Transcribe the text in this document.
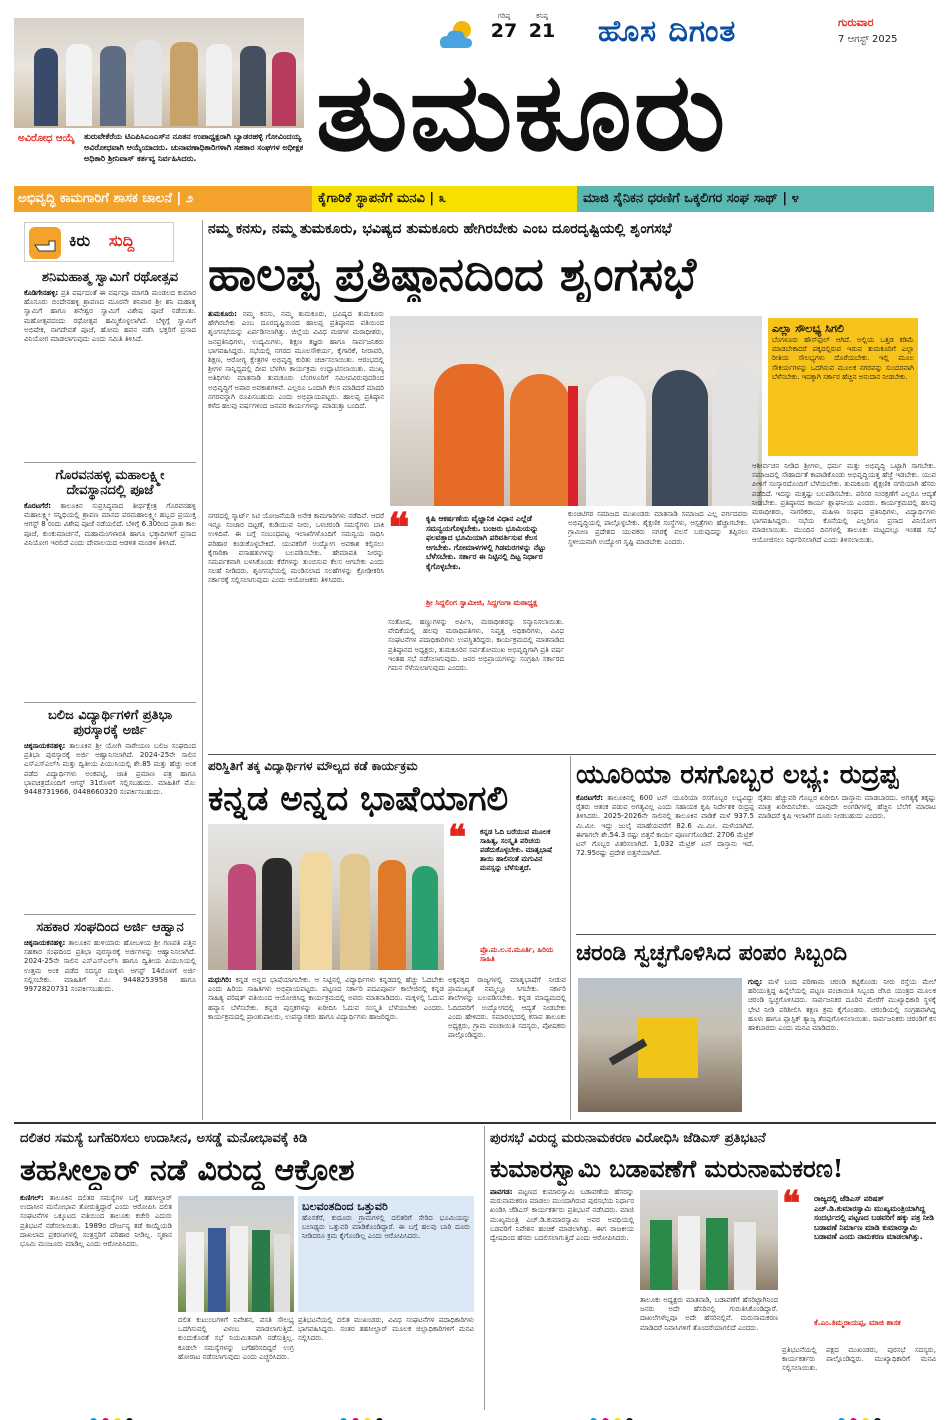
ಗರಿಷ್ಠ
27
ಕನಿಷ್ಠ
21 ಹೊಸ ದಿಗಂತ	ಗುರುವಾರ
7 ಆಗಸ್ಟ್ 2025
ತುಮಕೂರು
ಅವಿರೋಧ ಆಯ್ಕೆ	ತುರುವೇಕೆರೆಯ ಟಿಎಪಿಸಿಎಂಎಸ್‌ನ ನೂತನ ಉಪಾಧ್ಯಕ್ಷರಾಗಿ ಬ್ಯಾಡರಹಳ್ಳಿ ಗೋವಿಂದಯ್ಯ ಅವಿರೋಧವಾಗಿ ಆಯ್ಕೆಯಾದರು. ಚುನಾವಣಾಧಿಕಾರಿಗಳಾಗಿ ಸಹಕಾರ ಸಂಘಗಳ ಅಧೀಕ್ಷಕ ಅಧಿಕಾರಿ ಶ್ರೀನಿವಾಸ್ ಕರ್ತವ್ಯ ನಿರ್ವಹಿಸಿದರು.
ಅಭಿವೃದ್ಧಿ ಕಾಮಗಾರಿಗೆ ಶಾಸಕ ಚಾಲನೆ | ೨	ಕೈಗಾರಿಕೆ ಸ್ಥಾಪನೆಗೆ ಮನವಿ | ೩	ಮಾಜಿ ಸೈನಿಕನ ಧರಣಿಗೆ ಒಕ್ಕಲಿಗರ ಸಂಘ ಸಾಥ್ | ೪
ಕಿರು ಸುದ್ದಿ
ಶನಿಮಹಾತ್ಮ ಸ್ವಾಮಿಗೆ ರಥೋತ್ಸವ
ಕೊಡಿಗೇನಹಳ್ಳಿ: ಪ್ರತಿ ವರ್ಷದಂತೆ ಈ ವರ್ಷವೂ ಮಾಗಡಿ ಮಂಡಲದ ಕುಮಾರ ಹೊಸೂರು ಬಿಂದೇನಹಳ್ಳಿ ಶ್ರಾವಣದ ಮೂರನೇ ಶನಿವಾರ ಶ್ರೀ ಶನಿ ಮಹಾತ್ಮ ಸ್ವಾಮಿಗೆ ಹಾಗೂ ಶನೇಶ್ವರ ಸ್ವಾಮಿಗೆ ವಿಶೇಷ ಪೂಜೆ ನಡೆಯಿತು. ಮಹೋತ್ಸವದಂದು ರಥೋತ್ಸವ ಹಮ್ಮಿಕೊಳ್ಳಲಾಗಿದೆ. ಬೆಳ್ಳಿಗ್ಗೆ ಸ್ವಾಮಿಗೆ ಅಭಿಷೇಕ, ನಾಗದೇವತೆ ಪೂಜೆ, ಹೋಮ ಹವನ ನಡೆಸಿ ಭಕ್ತರಿಗೆ ಪ್ರಸಾದ ವಿನಿಯೋಗ ಮಾಡಲಾಗುವುದು ಎಂದು ಸಮಿತಿ ತಿಳಿಸಿದೆ.
ಗೊರವನಹಳ್ಳಿ ಮಹಾಲಕ್ಷ್ಮೀ ದೇವಸ್ಥಾನದಲ್ಲಿ ಪೂಜೆ
ಕೊರಟಗೆರೆ: ತಾಲೂಕಿನ ಸುಪ್ರಸಿದ್ಧವಾದ ತೀರ್ಥಕ್ಷೇತ್ರ ಗೊರವನಹಳ್ಳಿ ಮಹಾಲಕ್ಷ್ಮೀ ಸನ್ನಿಧಿಯಲ್ಲಿ ಶ್ರಾವಣ ಮಾಸದ ವರಮಹಾಲಕ್ಷ್ಮೀ ಹಬ್ಬದ ಪ್ರಯುಕ್ತ ಆಗಸ್ಟ್ 8 ರಂದು ವಿಶೇಷ ಪೂಜೆ ನಡೆಯಲಿದೆ. ಬೆಳಿಗ್ಗೆ 6.30ರಿಂದ ಪ್ರಾತಃ ಕಾಲ ಪೂಜೆ, ಕುಂಕುಮಾರ್ಚನೆ, ಮಹಾಮಂಗಳಾರತಿ ಹಾಗೂ ಭಕ್ತಾದಿಗಳಿಗೆ ಪ್ರಸಾದ ವಿನಿಯೋಗ ಇರಲಿದೆ ಎಂದು ದೇವಾಲಯದ ಆಡಳಿತ ಮಂಡಳಿ ತಿಳಿಸಿದೆ.
ಬಲಿಜ ವಿದ್ಯಾರ್ಥಿಗಳಿಗೆ ಪ್ರತಿಭಾ ಪುರಸ್ಕಾರಕ್ಕೆ ಅರ್ಜಿ
ಚಿಕ್ಕನಾಯಕನಹಳ್ಳಿ: ತಾಲೂಕಿನ ಶ್ರೀ ಯೋಗಿ ನಾರೇಯಣ ಬಲಿಜ ಸಂಘದಿಂದ ಪ್ರತಿಭಾ ಪುರಸ್ಕಾರಕ್ಕೆ ಅರ್ಜಿ ಆಹ್ವಾನಿಸಲಾಗಿದೆ. 2024-25ನೇ ಸಾಲಿನ ಎಸ್‌ಎಸ್‌ಎಲ್‌ಸಿ ಮತ್ತು ದ್ವಿತೀಯ ಪಿಯುಸಿಯಲ್ಲಿ ಶೇ.85 ಮತ್ತು ಹೆಚ್ಚು ಅಂಕ ಪಡೆದ ವಿದ್ಯಾರ್ಥಿಗಳು ಅಂಕಪಟ್ಟಿ, ಜಾತಿ ಪ್ರಮಾಣ ಪತ್ರ ಹಾಗೂ ಭಾವಚಿತ್ರದೊಂದಿಗೆ ಆಗಸ್ಟ್ 31ರೊಳಗೆ ಸಲ್ಲಿಸಬಹುದು. ಮಾಹಿತಿಗೆ ಮೊ: 9448731966, 0448660320 ಸಂಪರ್ಕಿಸಬಹುದು.
ಸಹಕಾರ ಸಂಘದಿಂದ ಅರ್ಜಿ ಆಹ್ವಾನ
ಚಿಕ್ಕನಾಯಕನಹಳ್ಳಿ: ತಾಲೂಕಿನ ಹುಳಿಯಾರು ಹೋಬಳಿಯ ಶ್ರೀ ಗಣಪತಿ ಪತ್ತಿನ ಸಹಕಾರ ಸಂಘದಿಂದ ಪ್ರತಿಭಾ ಪುರಸ್ಕಾರಕ್ಕೆ ಅರ್ಜಿಗಳನ್ನು ಆಹ್ವಾನಿಸಲಾಗಿದೆ. 2024-25ನೇ ಸಾಲಿನ ಎಸ್‌ಎಸ್‌ಎಲ್‌ಸಿ ಹಾಗೂ ದ್ವಿತೀಯ ಪಿಯುಸಿಯಲ್ಲಿ ಉತ್ತಮ ಅಂಕ ಪಡೆದ ಸದಸ್ಯರ ಮಕ್ಕಳು ಆಗಸ್ಟ್ 14ರೊಳಗೆ ಅರ್ಜಿ ಸಲ್ಲಿಸಬೇಕು. ಮಾಹಿತಿಗೆ ಮೊ: 9448253958 ಹಾಗೂ 9972820731 ಸಂಪರ್ಕಿಸಬಹುದು.
ನಮ್ಮ ಕನಸು, ನಮ್ಮ ತುಮಕೂರು, ಭವಿಷ್ಯದ ತುಮಕೂರು ಹೇಗಿರಬೇಕು ಎಂಬ ದೂರದೃಷ್ಟಿಯಲ್ಲಿ ಶೃಂಗಸಭೆ
ಹಾಲಪ್ಪ ಪ್ರತಿಷ್ಠಾನದಿಂದ ಶೃಂಗಸಭೆ
ತುಮಕೂರು: ನಮ್ಮ ಕನಸು, ನಮ್ಮ ತುಮಕೂರು, ಭವಿಷ್ಯದ ತುಮಕೂರು ಹೇಗಿರಬೇಕು ಎಂಬ ದೂರದೃಷ್ಟಿಯಿಂದ ಹಾಲಪ್ಪ ಪ್ರತಿಷ್ಠಾನದ ವತಿಯಿಂದ ಶೃಂಗಸಭೆಯನ್ನು ಏರ್ಪಡಿಸಲಾಗಿತ್ತು. ಜಿಲ್ಲೆಯ ವಿವಿಧ ಮಠಗಳ ಮಠಾಧೀಶರು, ಜನಪ್ರತಿನಿಧಿಗಳು, ಉದ್ಯಮಿಗಳು, ಶಿಕ್ಷಣ ತಜ್ಞರು ಹಾಗೂ ಸಾರ್ವಜನಿಕರು ಭಾಗವಹಿಸಿದ್ದರು. ಸಭೆಯಲ್ಲಿ ನಗರದ ಮೂಲಸೌಕರ್ಯ, ಕೈಗಾರಿಕೆ, ನೀರಾವರಿ, ಶಿಕ್ಷಣ, ಆರೋಗ್ಯ ಕ್ಷೇತ್ರಗಳ ಅಭಿವೃದ್ಧಿ ಕುರಿತು ಚರ್ಚಿಸಲಾಯಿತು. ಆರಂಭದಲ್ಲಿ ಶ್ರೀಗಳ ಸಾನ್ನಿಧ್ಯದಲ್ಲಿ ದೀಪ ಬೆಳಗಿಸಿ ಕಾರ್ಯಕ್ರಮ ಉದ್ಘಾಟಿಸಲಾಯಿತು. ಮುಖ್ಯ ಅತಿಥಿಗಳು ಮಾತನಾಡಿ ತುಮಕೂರು ಬೆಂಗಳೂರಿಗೆ ಸಮೀಪವಿರುವುದರಿಂದ ಅಭಿವೃದ್ಧಿಗೆ ಅಪಾರ ಅವಕಾಶಗಳಿವೆ. ಎಲ್ಲರೂ ಒಂದಾಗಿ ಕೆಲಸ ಮಾಡಿದರೆ ಮಾದರಿ ನಗರವನ್ನಾಗಿ ರೂಪಿಸಬಹುದು ಎಂದು ಅಭಿಪ್ರಾಯಪಟ್ಟರು. ಹಾಲಪ್ಪ ಪ್ರತಿಷ್ಠಾನ ಕಳೆದ ಹಲವು ವರ್ಷಗಳಿಂದ ಜನಪರ ಕಾರ್ಯಗಳನ್ನು ಮಾಡುತ್ತಾ ಬಂದಿದೆ.
ನಗರದಲ್ಲಿ ಸ್ಮಾರ್ಟ್ ಸಿಟಿ ಯೋಜನೆಯಡಿ ಅನೇಕ ಕಾಮಗಾರಿಗಳು ನಡೆದಿವೆ. ಆದರೆ ಇನ್ನೂ ಸಂಚಾರ ದಟ್ಟಣೆ, ಕುಡಿಯುವ ನೀರು, ಒಳಚರಂಡಿ ಸಮಸ್ಯೆಗಳು ಬಾಕಿ ಉಳಿದಿವೆ. ಈ ಬಗ್ಗೆ ಸಂಬಂಧಪಟ್ಟ ಇಲಾಖೆಗಳೊಂದಿಗೆ ಸಮನ್ವಯ ಸಾಧಿಸಿ ಪರಿಹಾರ ಕಂಡುಕೊಳ್ಳಬೇಕಿದೆ. ಯುವಕರಿಗೆ ಉದ್ಯೋಗ ಅವಕಾಶ ಕಲ್ಪಿಸಲು ಕೈಗಾರಿಕಾ ವಸಾಹತುಗಳನ್ನು ಬಲಪಡಿಸಬೇಕು. ಹೇಮಾವತಿ ನೀರನ್ನು ಸಮರ್ಪಕವಾಗಿ ಬಳಸಿಕೊಂಡು ಕೆರೆಗಳನ್ನು ತುಂಬಿಸುವ ಕೆಲಸ ಆಗಬೇಕು ಎಂದು ಸಲಹೆ ನೀಡಿದರು. ಶೃಂಗಸಭೆಯಲ್ಲಿ ಮಂಡಿಸಲಾದ ಸಲಹೆಗಳನ್ನು ಕ್ರೋಢೀಕರಿಸಿ ಸರ್ಕಾರಕ್ಕೆ ಸಲ್ಲಿಸಲಾಗುವುದು ಎಂದು ಆಯೋಜಕರು ತಿಳಿಸಿದರು.
ಎಲ್ಲಾ ಸೌಲಭ್ಯ ಸಿಗಲಿ
ಬೆಂಗಳೂರು ಹೌಸ್‌ಫುಲ್ ಆಗಿದೆ. ಅಲ್ಲಿಯ ಒತ್ತಡ ಕಡಿಮೆ ಮಾಡಬೇಕಾದರೆ ಪಕ್ಕದಲ್ಲಿರುವ ಇರುವ ತುಮಕೂರಿಗೆ ಎಲ್ಲಾ ರೀತಿಯ ಸೌಲಭ್ಯಗಳು ದೊರೆಯಬೇಕು. ಇಲ್ಲಿ ಮೂಲ ಸೌಕರ್ಯಗಳನ್ನು ಒದಗಿಸುವ ಮೂಲಕ ನಗರವನ್ನು ಸುಂದರವಾಗಿ ಬೆಳೆಸಬೇಕು. ಇದಕ್ಕಾಗಿ ಸರ್ಕಾರ ಹೆಚ್ಚಿನ ಅನುದಾನ ನೀಡಬೇಕು.
ಆಶೀರ್ವಚನ ನೀಡಿದ ಶ್ರೀಗಳು, ಧರ್ಮ ಮತ್ತು ಅಭಿವೃದ್ಧಿ ಒಟ್ಟಾಗಿ ಸಾಗಬೇಕು. ಸಮಾಜದಲ್ಲಿ ಸೌಹಾರ್ದತೆ ಕಾಪಾಡಿಕೊಂಡು ಅಭಿವೃದ್ಧಿಯತ್ತ ಹೆಜ್ಜೆ ಇಡಬೇಕು. ಯುವ ಪೀಳಿಗೆ ಸಂಸ್ಕಾರದೊಂದಿಗೆ ಬೆಳೆಯಬೇಕು. ತುಮಕೂರು ಶೈಕ್ಷಣಿಕ ನಗರಿಯಾಗಿ ಹೆಸರು ಪಡೆದಿದೆ. ಇದನ್ನು ಮತ್ತಷ್ಟು ಬಲಪಡಿಸಬೇಕು. ಪರಿಸರ ಸಂರಕ್ಷಣೆಗೆ ಎಲ್ಲರೂ ಆದ್ಯತೆ ನೀಡಬೇಕು. ಪ್ರತಿಷ್ಠಾನದ ಕಾರ್ಯ ಶ್ಲಾಘನೀಯ ಎಂದರು. ಕಾರ್ಯಕ್ರಮದಲ್ಲಿ ಹಲವು ಮಠಾಧೀಶರು, ನಾಗರಿಕರು, ಮಹಿಳಾ ಸಂಘದ ಪ್ರತಿನಿಧಿಗಳು, ವಿದ್ಯಾರ್ಥಿಗಳು ಭಾಗವಹಿಸಿದ್ದರು. ಸಭೆಯ ಕೊನೆಯಲ್ಲಿ ಎಲ್ಲರಿಗೂ ಪ್ರಸಾದ ವಿನಿಯೋಗ ಮಾಡಲಾಯಿತು. ಮುಂದಿನ ದಿನಗಳಲ್ಲಿ ತಾಲೂಕು ಮಟ್ಟದಲ್ಲೂ ಇಂತಹ ಸಭೆ ಆಯೋಜಿಸಲು ನಿರ್ಧರಿಸಲಾಗಿದೆ ಎಂದು ತಿಳಿಸಲಾಯಿತು.
❝ ಕೃಷಿ ಆಕರ್ಷಣೆಯ ವೈಜ್ಞಾನಿಕ ವಿಧಾನ ಎಲ್ಲೆಡೆ ಸಮನ್ವಯಗೊಳ್ಳಬೇಕು. ಬಂಜರು ಭೂಮಿಯನ್ನು ಫಲವತ್ತಾದ ಭೂಮಿಯಾಗಿ ಪರಿವರ್ತಿಸುವ ಕೆಲಸ ಆಗಬೇಕು. ಗೋಮಾಳಗಳಲ್ಲಿ ಗಿಡಮರಗಳನ್ನು ನೆಟ್ಟು ಬೆಳೆಸಬೇಕು. ಸರ್ಕಾರ ಈ ನಿಟ್ಟಿನಲ್ಲಿ ದಿಟ್ಟ ನಿರ್ಧಾರ ಕೈಗೊಳ್ಳಬೇಕು.
ಶ್ರೀ ಸಿದ್ದಲಿಂಗ ಸ್ವಾಮೀಜಿ, ಸಿದ್ದಗಂಗಾ ಮಠಾಧ್ಯಕ್ಷ
ಸಂತೋಷ, ಹಣ್ಣುಗಳನ್ನು ಅರ್ಪಿಸಿ, ಮಠಾಧೀಶರನ್ನು ಸನ್ಮಾನಿಸಲಾಯಿತು. ವೇದಿಕೆಯಲ್ಲಿ ಹಲವು ಮಠಾಧಿಪತಿಗಳು, ನಿವೃತ್ತ ಅಧಿಕಾರಿಗಳು, ವಿವಿಧ ಸಂಘಟನೆಗಳ ಪದಾಧಿಕಾರಿಗಳು ಉಪಸ್ಥಿತರಿದ್ದರು. ಕಾರ್ಯಕ್ರಮದಲ್ಲಿ ಮಾತನಾಡಿದ ಪ್ರತಿಷ್ಠಾನದ ಅಧ್ಯಕ್ಷರು, ತುಮಕೂರಿನ ಸರ್ವತೋಮುಖ ಅಭಿವೃದ್ಧಿಗಾಗಿ ಪ್ರತಿ ವರ್ಷ ಇಂತಹ ಸಭೆ ನಡೆಸಲಾಗುವುದು. ಜನರ ಅಭಿಪ್ರಾಯಗಳನ್ನು ಸಂಗ್ರಹಿಸಿ ಸರ್ಕಾರದ ಗಮನ ಸೆಳೆಯಲಾಗುವುದು ಎಂದರು.
ಕುಂಚಿಟಿಗರ ಸಮಾಜದ ಮುಖಂಡರು ಮಾತನಾಡಿ ಸಮಾಜದ ಎಲ್ಲ ವರ್ಗದವರು ಅಭಿವೃದ್ಧಿಯಲ್ಲಿ ಪಾಲ್ಗೊಳ್ಳಬೇಕು. ಶೈಕ್ಷಣಿಕ ಸಂಸ್ಥೆಗಳು, ಆಸ್ಪತ್ರೆಗಳು ಹೆಚ್ಚಾಗಬೇಕು. ಗ್ರಾಮೀಣ ಪ್ರದೇಶದ ಯುವಕರು ನಗರಕ್ಕೆ ವಲಸೆ ಬರುವುದನ್ನು ತಪ್ಪಿಸಲು ಸ್ಥಳೀಯವಾಗಿ ಉದ್ಯೋಗ ಸೃಷ್ಟಿ ಮಾಡಬೇಕು ಎಂದರು.
ಪರಿಸ್ಥಿತಿಗೆ ತಕ್ಕ ವಿದ್ಯಾರ್ಥಿಗಳ ಮೌಲ್ಯದ ಕಡೆ ಕಾರ್ಯಕ್ರಮ
ಕನ್ನಡ ಅನ್ನದ ಭಾಷೆಯಾಗಲಿ
❝ ಕನ್ನಡ ಓದಿ ಬರೆಯುವ ಮೂಲಕ ಸಾಹಿತ್ಯ, ಸಂಸ್ಕೃತಿ ಪರಿಚಯ ಪಡೆದುಕೊಳ್ಳಬೇಕು. ಮಾತೃಭಾಷೆ ತಾಯಿ ಹಾಲಿನಂತೆ ಮಗುವಿನ ಮನಸ್ಸನ್ನು ಬೆಳೆಸುತ್ತದೆ.
ಪ್ರೊ.ಮ.ಲ.ನ.ಮೂರ್ತಿ, ಹಿರಿಯ ಸಾಹಿತಿ
ಮಧುಗಿರಿ: ಕನ್ನಡ ಅನ್ನದ ಭಾಷೆಯಾಗಬೇಕು. ಆ ನಿಟ್ಟಿನಲ್ಲಿ ವಿದ್ಯಾರ್ಥಿಗಳು ಕನ್ನಡದಲ್ಲಿ ಹೆಚ್ಚು ಓದಬೇಕು ಎಂದು ಹಿರಿಯ ಸಾಹಿತಿಗಳು ಅಭಿಪ್ರಾಯಪಟ್ಟರು. ಪಟ್ಟಣದ ಸರ್ಕಾರಿ ಪದವಿಪೂರ್ವ ಕಾಲೇಜಿನಲ್ಲಿ ಕನ್ನಡ ಸಾಹಿತ್ಯ ಪರಿಷತ್ ವತಿಯಿಂದ ಆಯೋಜಿಸಿದ್ದ ಕಾರ್ಯಕ್ರಮದಲ್ಲಿ ಅವರು ಮಾತನಾಡಿದರು. ಮಕ್ಕಳಲ್ಲಿ ಓದುವ ಹವ್ಯಾಸ ಬೆಳೆಸಬೇಕು. ಕನ್ನಡ ಪುಸ್ತಕಗಳನ್ನು ಖರೀದಿಸಿ ಓದುವ ಸಂಸ್ಕೃತಿ ಬೆಳೆಯಬೇಕು ಎಂದರು. ಕಾರ್ಯಕ್ರಮದಲ್ಲಿ ಪ್ರಾಂಶುಪಾಲರು, ಉಪನ್ಯಾಸಕರು ಹಾಗೂ ವಿದ್ಯಾರ್ಥಿಗಳು ಹಾಜರಿದ್ದರು.
ಅಕ್ಕಪಕ್ಕದ ರಾಜ್ಯಗಳಲ್ಲಿ ಮಾತೃಭಾಷೆಗೆ ನೀಡುವ ಪ್ರಾಮುಖ್ಯತೆ ನಮ್ಮಲ್ಲೂ ಸಿಗಬೇಕು. ಸರ್ಕಾರಿ ಶಾಲೆಗಳನ್ನು ಬಲಪಡಿಸಬೇಕು. ಕನ್ನಡ ಮಾಧ್ಯಮದಲ್ಲಿ ಓದಿದವರಿಗೆ ಉದ್ಯೋಗದಲ್ಲಿ ಆದ್ಯತೆ ನೀಡಬೇಕು ಎಂದು ಹೇಳಿದರು. ಸಮಾರಂಭದಲ್ಲಿ ಕಸಾಪ ತಾಲೂಕು ಅಧ್ಯಕ್ಷರು, ಗ್ರಾಮ ಪಂಚಾಯಿತಿ ಸದಸ್ಯರು, ಪೋಷಕರು ಪಾಲ್ಗೊಂಡಿದ್ದರು.
ಯೂರಿಯಾ ರಸಗೊಬ್ಬರ ಲಭ್ಯ: ರುದ್ರಪ್ಪ
ಕೊರಟಗೆರೆ: ತಾಲೂಕಿನಲ್ಲಿ 600 ಟನ್ ಯೂರಿಯಾ ರಸಗೊಬ್ಬರ ಲಭ್ಯವಿದ್ದು ರೈತರು ಆತಂಕ ಪಡುವ ಅಗತ್ಯವಿಲ್ಲ ಎಂದು ಸಹಾಯಕ ಕೃಷಿ ನಿರ್ದೇಶಕ ರುದ್ರಪ್ಪ ತಿಳಿಸಿದರು. 2025-2026ನೇ ಸಾಲಿನಲ್ಲಿ ತಾಲೂಕಿನ ವಾಡಿಕೆ ಮಳೆ 937.5 ಮಿ.ಮೀ. ಇದ್ದು ಜುಲೈ ಮಾಹೆಯವರೆಗೆ 82.6 ಮಿ.ಮೀ. ಮಳೆಯಾಗಿದೆ. ಈಗಾಗಲೇ ಶೇ.54.3 ರಷ್ಟು ಬಿತ್ತನೆ ಕಾರ್ಯ ಪೂರ್ಣಗೊಂಡಿದೆ. 2706 ಮೆಟ್ರಿಕ್ ಟನ್ ಗೊಬ್ಬರ ವಿತರಿಸಲಾಗಿದೆ. 1,032 ಮೆಟ್ರಿಕ್ ಟನ್ ದಾಸ್ತಾನು ಇದೆ. 72.95ರಷ್ಟು ಪ್ರದೇಶ ಬಿತ್ತನೆಯಾಗಿದೆ.
ರೈತರು ಹೆಚ್ಚುವರಿ ಗೊಬ್ಬರ ಖರೀದಿಸಿ ದಾಸ್ತಾನು ಮಾಡಬಾರದು. ಅಗತ್ಯಕ್ಕೆ ತಕ್ಕಷ್ಟು ಮಾತ್ರ ಖರೀದಿಸಬೇಕು. ಯಾವುದೇ ಅಂಗಡಿಗಳಲ್ಲಿ ಹೆಚ್ಚಿನ ಬೆಲೆಗೆ ಮಾರಾಟ ಮಾಡಿದರೆ ಕೃಷಿ ಇಲಾಖೆಗೆ ದೂರು ನೀಡಬಹುದು ಎಂದರು.
ಚರಂಡಿ ಸ್ವಚ್ಛಗೊಳಿಸಿದ ಪಂಪಂ ಸಿಬ್ಬಂದಿ
ಗುಬ್ಬಿ: ಮಳೆ ಬಂದ ಪರಿಣಾಮ ಚರಂಡಿ ಕಟ್ಟಿಕೊಂಡು ನೀರು ರಸ್ತೆಯ ಮೇಲೆ ಹರಿಯುತ್ತಿದ್ದ ಹಿನ್ನೆಲೆಯಲ್ಲಿ ಪಟ್ಟಣ ಪಂಚಾಯಿತಿ ಸಿಬ್ಬಂದಿ ಜೆಸಿಬಿ ಯಂತ್ರದ ಮೂಲಕ ಚರಂಡಿ ಸ್ವಚ್ಛಗೊಳಿಸಿದರು. ಸಾರ್ವಜನಿಕರ ದೂರಿನ ಮೇರೆಗೆ ಮುಖ್ಯಾಧಿಕಾರಿ ಸ್ಥಳಕ್ಕೆ ಭೇಟಿ ನೀಡಿ ಪರಿಶೀಲಿಸಿ ತಕ್ಷಣ ಕ್ರಮ ಕೈಗೊಂಡರು. ಚರಂಡಿಯಲ್ಲಿ ಸಂಗ್ರಹವಾಗಿದ್ದ ಹೂಳು ಹಾಗೂ ಪ್ಲಾಸ್ಟಿಕ್ ತ್ಯಾಜ್ಯ ತೆರವುಗೊಳಿಸಲಾಯಿತು. ಸಾರ್ವಜನಿಕರು ಚರಂಡಿಗೆ ಕಸ ಹಾಕಬಾರದು ಎಂದು ಮನವಿ ಮಾಡಿದರು.
ದಲಿತರ ಸಮಸ್ಯೆ ಬಗೆಹರಿಸಲು ಉದಾಸೀನ, ಅಸಡ್ಡೆ ಮನೋಭಾವಕ್ಕೆ ಕಿಡಿ
ತಹಸೀಲ್ದಾರ್ ನಡೆ ವಿರುದ್ಧ ಆಕ್ರೋಶ
ಕುಣಿಗಲ್: ತಾಲೂಕಿನ ದಲಿತರ ಸಮಸ್ಯೆಗಳ ಬಗ್ಗೆ ತಹಸೀಲ್ದಾರ್ ಉದಾಸೀನ ಮನೋಭಾವ ತೋರುತ್ತಿದ್ದಾರೆ ಎಂದು ಆರೋಪಿಸಿ ದಲಿತ ಸಂಘಟನೆಗಳ ಒಕ್ಕೂಟದ ವತಿಯಿಂದ ತಾಲೂಕು ಕಚೇರಿ ಎದುರು ಪ್ರತಿಭಟನೆ ನಡೆಸಲಾಯಿತು. 1989ರ ದೌರ್ಜನ್ಯ ತಡೆ ಕಾಯ್ದೆಯಡಿ ದಾಖಲಾದ ಪ್ರಕರಣಗಳಲ್ಲಿ ಸಂತ್ರಸ್ತರಿಗೆ ಪರಿಹಾರ ನೀಡಿಲ್ಲ. ಸ್ಮಶಾನ ಭೂಮಿ ಮಂಜೂರು ಮಾಡಿಲ್ಲ ಎಂದು ಆರೋಪಿಸಿದರು.
ಬಲವಂತದಿಂದ ಒತ್ತುವರಿ
ಹೊಸಕೆರೆ, ಕುದೂರು ಗ್ರಾಮಗಳಲ್ಲಿ ದಲಿತರಿಗೆ ಸೇರಿದ ಭೂಮಿಯನ್ನು ಬಲಾಢ್ಯರು ಒತ್ತುವರಿ ಮಾಡಿಕೊಂಡಿದ್ದಾರೆ. ಈ ಬಗ್ಗೆ ಹಲವು ಬಾರಿ ದೂರು ನೀಡಿದರೂ ಕ್ರಮ ಕೈಗೊಂಡಿಲ್ಲ ಎಂದು ಆರೋಪಿಸಿದರು.
ದಲಿತ ಕುಟುಂಬಗಳಿಗೆ ನಿವೇಶನ, ವಸತಿ ಸೌಲಭ್ಯ ಒದಗಿಸುವಲ್ಲಿ ವಿಳಂಬ ಮಾಡಲಾಗುತ್ತಿದೆ. ಕುಂದುಕೊರತೆ ಸಭೆ ನಿಯಮಿತವಾಗಿ ನಡೆಸುತ್ತಿಲ್ಲ. ಕೂಡಲೇ ಸಮಸ್ಯೆಗಳನ್ನು ಬಗೆಹರಿಸದಿದ್ದರೆ ಉಗ್ರ ಹೋರಾಟ ನಡೆಸಲಾಗುವುದು ಎಂದು ಎಚ್ಚರಿಸಿದರು.
ಪ್ರತಿಭಟನೆಯಲ್ಲಿ ದಲಿತ ಮುಖಂಡರು, ವಿವಿಧ ಸಂಘಟನೆಗಳ ಪದಾಧಿಕಾರಿಗಳು ಭಾಗವಹಿಸಿದ್ದರು. ನಂತರ ತಹಸೀಲ್ದಾರ್ ಮೂಲಕ ಜಿಲ್ಲಾಧಿಕಾರಿಗಳಿಗೆ ಮನವಿ ಸಲ್ಲಿಸಿದರು.
ಪುರಸಭೆ ವಿರುದ್ಧ ಮರುನಾಮಕರಣ ವಿರೋಧಿಸಿ ಜೆಡಿಎಸ್ ಪ್ರತಿಭಟನೆ
ಕುಮಾರಸ್ವಾಮಿ ಬಡಾವಣೆಗೆ ಮರುನಾಮಕರಣ!
ಪಾವಗಡ: ಪಟ್ಟಣದ ಕುಮಾರಸ್ವಾಮಿ ಬಡಾವಣೆಯ ಹೆಸರನ್ನು ಮರುನಾಮಕರಣ ಮಾಡಲು ಮುಂದಾಗಿರುವ ಪುರಸಭೆಯ ನಿರ್ಧಾರ ಖಂಡಿಸಿ ಜೆಡಿಎಸ್ ಕಾರ್ಯಕರ್ತರು ಪ್ರತಿಭಟನೆ ನಡೆಸಿದರು. ಮಾಜಿ ಮುಖ್ಯಮಂತ್ರಿ ಎಚ್.ಡಿ.ಕುಮಾರಸ್ವಾಮಿ ಅವರ ಅವಧಿಯಲ್ಲಿ ಬಡವರಿಗೆ ನಿವೇಶನ ಹಂಚಿಕೆ ಮಾಡಲಾಗಿತ್ತು. ಈಗ ರಾಜಕೀಯ ದ್ವೇಷದಿಂದ ಹೆಸರು ಬದಲಿಸಲಾಗುತ್ತಿದೆ ಎಂದು ಆರೋಪಿಸಿದರು.
❝ ರಾಜ್ಯದಲ್ಲಿ ಜೆಡಿಎಸ್ ಪರಿಷತ್ ಎಚ್.ಡಿ.ಕುಮಾರಸ್ವಾಮಿ ಮುಖ್ಯಮಂತ್ರಿಯಾಗಿದ್ದ ಸಂದರ್ಭದಲ್ಲಿ ಪಟ್ಟಣದ ಬಡವರಿಗೆ ಹಕ್ಕು ಪತ್ರ ನೀಡಿ ಬಡಾವಣೆ ನಿರ್ಮಾಣ ಮಾಡಿ ಕುಮಾರಸ್ವಾಮಿ ಬಡಾವಣೆ ಎಂದು ನಾಮಕರಣ ಮಾಡಲಾಗಿತ್ತು.
ಕೆ.ಎಂ.ತಿಮ್ಮರಾಯಪ್ಪ, ಮಾಜಿ ಶಾಸಕ
ತಾಲೂಕು ಅಧ್ಯಕ್ಷರು ಮಾತನಾಡಿ, ಬಡಾವಣೆಗೆ ಹೆಸರಿಟ್ಟಾಗಿನಿಂದ ಜನರು ಅದೇ ಹೆಸರಿನಲ್ಲಿ ಗುರುತಿಸಿಕೊಂಡಿದ್ದಾರೆ. ದಾಖಲೆಗಳೆಲ್ಲವೂ ಅದೇ ಹೆಸರಿನಲ್ಲಿವೆ. ಮರುನಾಮಕರಣ ಮಾಡಿದರೆ ನಿವಾಸಿಗಳಿಗೆ ತೊಂದರೆಯಾಗಲಿದೆ ಎಂದರು.
ಪ್ರತಿಭಟನೆಯಲ್ಲಿ ಪಕ್ಷದ ಮುಖಂಡರು, ಪುರಸಭೆ ಸದಸ್ಯರು, ಕಾರ್ಯಕರ್ತರು ಪಾಲ್ಗೊಂಡಿದ್ದರು. ಮುಖ್ಯಾಧಿಕಾರಿಗೆ ಮನವಿ ಸಲ್ಲಿಸಲಾಯಿತು.
